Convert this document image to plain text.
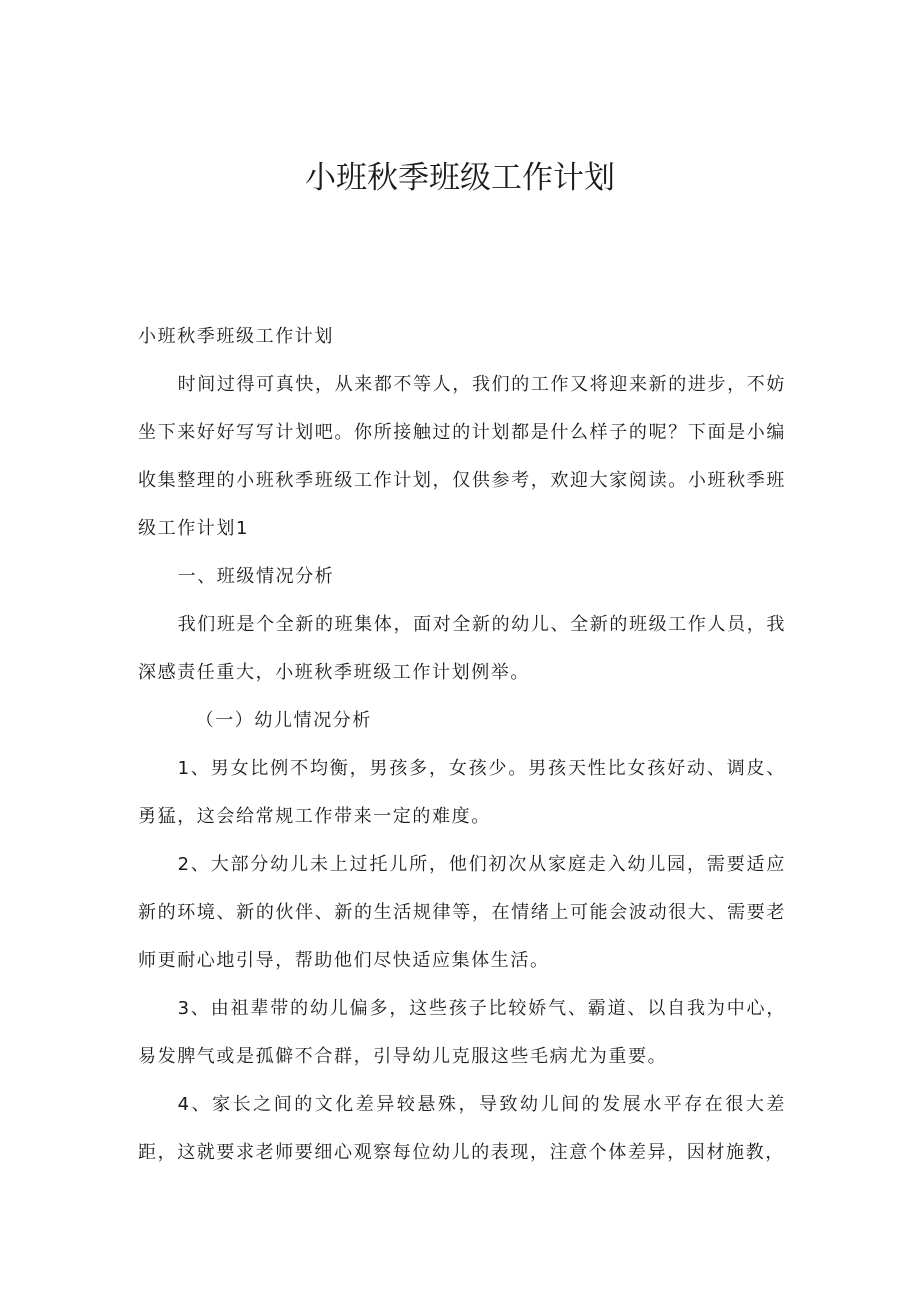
小班秋季班级工作计划

小班秋季班级工作计划

时间过得可真快，从来都不等人，我们的工作又将迎来新的进步，不妨坐下来好好写写计划吧。你所接触过的计划都是什么样子的呢？下面是小编收集整理的小班秋季班级工作计划，仅供参考，欢迎大家阅读。小班秋季班级工作计划1

一、班级情况分析

我们班是个全新的班集体，面对全新的幼儿、全新的班级工作人员，我深感责任重大，小班秋季班级工作计划例举。

（一）幼儿情况分析

1、男女比例不均衡，男孩多，女孩少。男孩天性比女孩好动、调皮、勇猛，这会给常规工作带来一定的难度。

2、大部分幼儿未上过托儿所，他们初次从家庭走入幼儿园，需要适应新的环境、新的伙伴、新的生活规律等，在情绪上可能会波动很大、需要老师更耐心地引导，帮助他们尽快适应集体生活。

3、由祖辈带的幼儿偏多，这些孩子比较娇气、霸道、以自我为中心，易发脾气或是孤僻不合群，引导幼儿克服这些毛病尤为重要。

4、家长之间的文化差异较悬殊，导致幼儿间的发展水平存在很大差距，这就要求老师要细心观察每位幼儿的表现，注意个体差异，因材施教，
